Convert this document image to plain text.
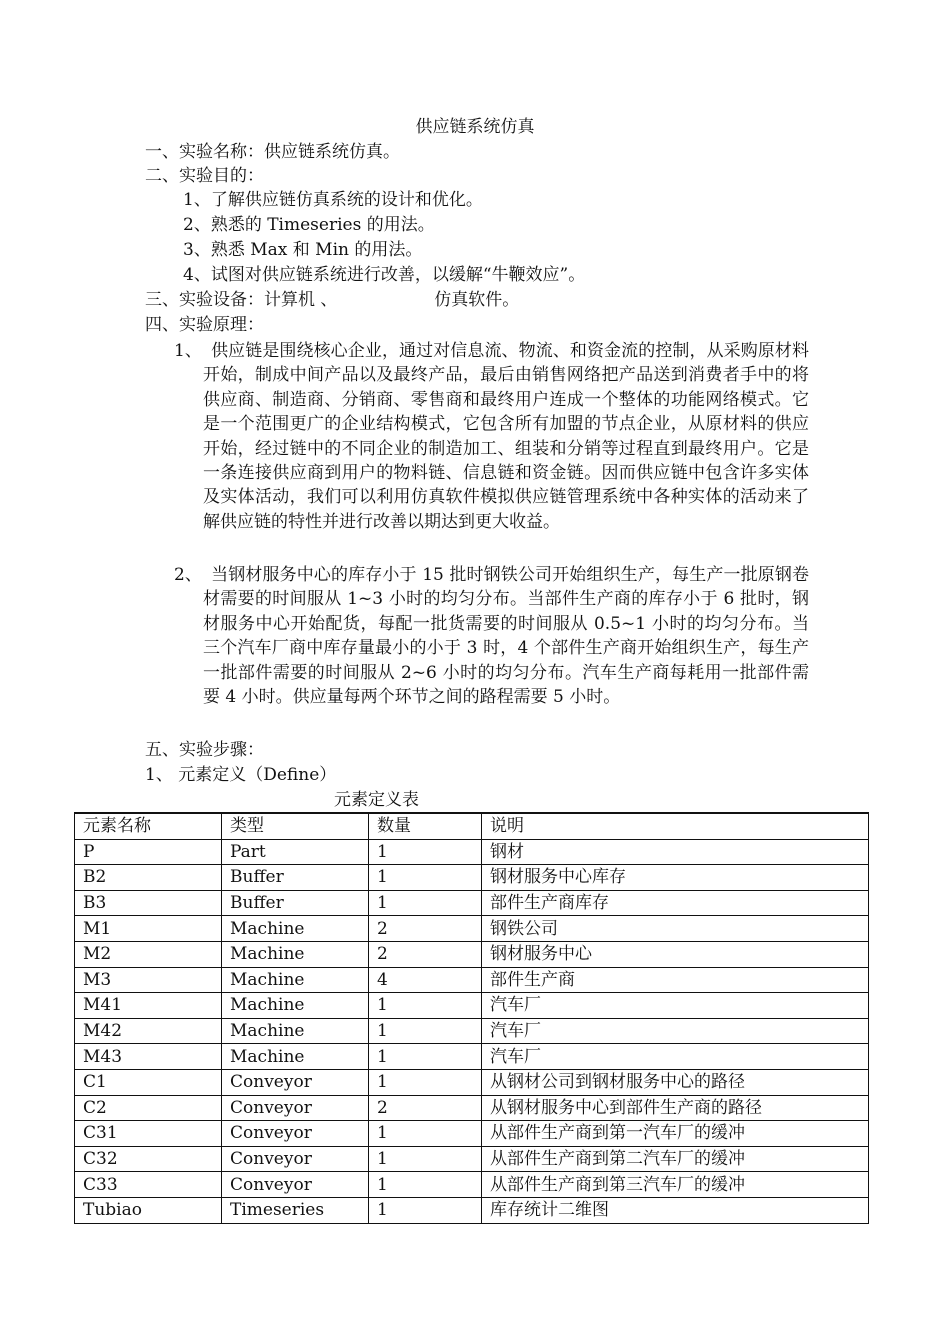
供应链系统仿真
一、实验名称：供应链系统仿真。
二、实验目的：
1、了解供应链仿真系统的设计和优化。
2、熟悉的 Timeseries 的用法。
3、熟悉 Max 和 Min 的用法。
4、试图对供应链系统进行改善，以缓解“牛鞭效应”。
三、实验设备：计算机 、	仿真软件。
四、实验原理：
1、 供应链是围绕核心企业，通过对信息流、物流、和资金流的控制，从采购原材料开始，制成中间产品以及最终产品，最后由销售网络把产品送到消费者手中的将供应商、制造商、分销商、零售商和最终用户连成一个整体的功能网络模式。它是一个范围更广的企业结构模式，它包含所有加盟的节点企业，从原材料的供应开始，经过链中的不同企业的制造加工、组装和分销等过程直到最终用户。它是一条连接供应商到用户的物料链、信息链和资金链。因而供应链中包含许多实体及实体活动，我们可以利用仿真软件模拟供应链管理系统中各种实体的活动来了解供应链的特性并进行改善以期达到更大收益。
2、 当钢材服务中心的库存小于 15 批时钢铁公司开始组织生产，每生产一批原钢卷材需要的时间服从 1~3 小时的均匀分布。当部件生产商的库存小于 6 批时，钢材服务中心开始配货，每配一批货需要的时间服从 0.5~1 小时的均匀分布。当三个汽车厂商中库存量最小的小于 3 时，4 个部件生产商开始组织生产，每生产一批部件需要的时间服从 2~6 小时的均匀分布。汽车生产商每耗用一批部件需要 4 小时。供应量每两个环节之间的路程需要 5 小时。
五、实验步骤：
1、 元素定义（Define）
元素定义表
元素名称	类型	数量	说明
P	Part	1	钢材
B2	Buffer	1	钢材服务中心库存
B3	Buffer	1	部件生产商库存
M1	Machine	2	钢铁公司
M2	Machine	2	钢材服务中心
M3	Machine	4	部件生产商
M41	Machine	1	汽车厂
M42	Machine	1	汽车厂
M43	Machine	1	汽车厂
C1	Conveyor	1	从钢材公司到钢材服务中心的路径
C2	Conveyor	2	从钢材服务中心到部件生产商的路径
C31	Conveyor	1	从部件生产商到第一汽车厂的缓冲
C32	Conveyor	1	从部件生产商到第二汽车厂的缓冲
C33	Conveyor	1	从部件生产商到第三汽车厂的缓冲
Tubiao	Timeseries	1	库存统计二维图
